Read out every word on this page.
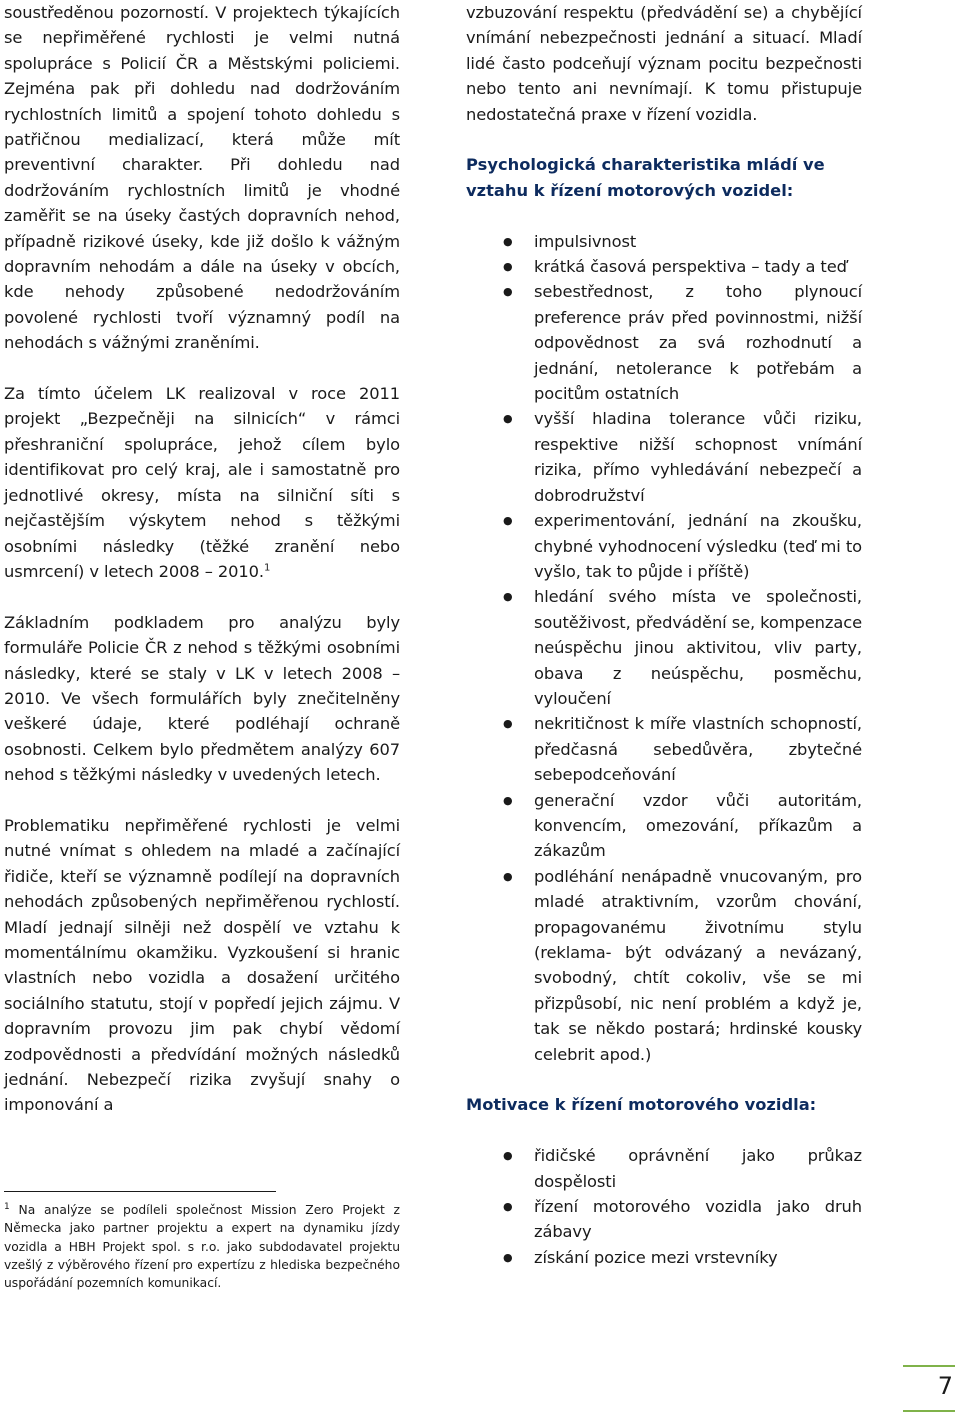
soustředěnou pozorností. V projektech týkajících se nepřiměřené rychlosti je velmi nutná spolupráce s Policií ČR a Městskými policiemi. Zejména pak při dohledu nad dodržováním rychlostních limitů a spojení tohoto dohledu s patřičnou medializací, která může mít preventivní charakter. Při dohledu nad dodržováním rychlostních limitů je vhodné zaměřit se na úseky častých dopravních nehod, případně rizikové úseky, kde již došlo k vážným dopravním nehodám a dále na úseky v obcích, kde nehody způsobené nedodržováním povolené rychlosti tvoří významný podíl na nehodách s vážnými zraněními.

Za tímto účelem LK realizoval v roce 2011 projekt „Bezpečněji na silnicích“ v rámci přeshraniční spolupráce, jehož cílem bylo identifikovat pro celý kraj, ale i samostatně pro jednotlivé okresy, místa na silniční síti s nejčastějším výskytem nehod s těžkými osobními následky (těžké zranění nebo usmrcení) v letech 2008 – 2010.$^1$

Základním podkladem pro analýzu byly formuláře Policie ČR z nehod s těžkými osobními následky, které se staly v LK v letech 2008 – 2010. Ve všech formulářích byly znečitelněny veškeré údaje, které podléhají ochraně osobnosti. Celkem bylo předmětem analýzy 607 nehod s těžkými následky v uvedených letech.

Problematiku nepřiměřené rychlosti je velmi nutné vnímat s ohledem na mladé a začínající řidiče, kteří se významně podílejí na dopravních nehodách způsobených nepřiměřenou rychlostí. Mladí jednají silněji než dospělí ve vztahu k momentálnímu okamžiku. Vyzkoušení si hranic vlastních nebo vozidla a dosažení určitého sociálního statutu, stojí v popředí jejich zájmu. V dopravním provozu jim pak chybí vědomí zodpovědnosti a předvídání možných následků jednání. Nebezpečí rizika zvyšují snahy o imponování a

$^1$ Na analýze se podíleli společnost Mission Zero Projekt z Německa jako partner projektu a expert na dynamiku jízdy vozidla a HBH Projekt spol. s r.o. jako subdodavatel projektu vzešlý z výběrového řízení pro expertízu z hlediska bezpečného uspořádání pozemních komunikací.

vzbuzování respektu (předvádění se) a chybějící vnímání nebezpečnosti jednání a situací. Mladí lidé často podceňují význam pocitu bezpečnosti nebo tento ani nevnímají. K tomu přistupuje nedostatečná praxe v řízení vozidla.

Psychologická charakteristika mládí ve vztahu k řízení motorových vozidel:
● impulsivnost
● krátká časová perspektiva – tady a teď
● sebestřednost, z toho plynoucí preference práv před povinnostmi, nižší odpovědnost za svá rozhodnutí a jednání, netolerance k potřebám a pocitům ostatních
● vyšší hladina tolerance vůči riziku, respektive nižší schopnost vnímání rizika, přímo vyhledávání nebezpečí a dobrodružství
● experimentování, jednání na zkoušku, chybné vyhodnocení výsledku (teď mi to vyšlo, tak to půjde i příště)
● hledání svého místa ve společnosti, soutěživost, předvádění se, kompenzace neúspěchu jinou aktivitou, vliv party, obava z neúspěchu, posměchu, vyloučení
● nekritičnost k míře vlastních schopností, předčasná sebedůvěra, zbytečné sebepodceňování
● generační vzdor vůči autoritám, konvencím, omezování, příkazům a zákazům
● podléhání nenápadně vnucovaným, pro mladé atraktivním, vzorům chování, propagovanému životnímu stylu (reklama- být odvázaný a nevázaný, svobodný, chtít cokoliv, vše se mi přizpůsobí, nic není problém a když je, tak se někdo postará; hrdinské kousky celebrit apod.)
Motivace k řízení motorového vozidla:
● řidičské oprávnění jako průkaz dospělosti
● řízení motorového vozidla jako druh zábavy
● získání pozice mezi vrstevníky
7
